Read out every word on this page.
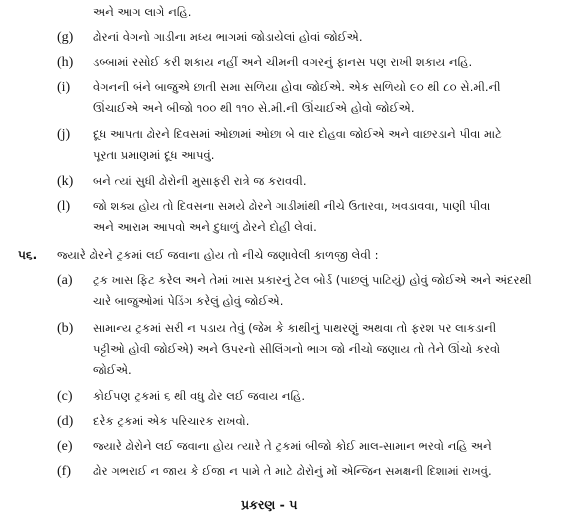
અને આગ લાગે નહિ.
(g) ઢોરનાં વેગનો ગાડીના મધ્ય ભાગમાં જોડાયેલાં હોવાં જોઈએ.
(h) ડબ્બામાં રસોઈ કરી શકાય નહીં અને ચીમની વગરનું ફાનસ પણ રાખી શકાય નહિ.
(i) વેગનની બંને બાજુએ છાતી સમા સળિયા હોવા જોઈએ. એક સળિયો ૯૦ થી ૮૦ સે.મી.ની
ઊંચાઈએ અને બીજો ૧૦૦ થી ૧૧૦ સે.મી.ની ઊંચાઈએ હોવો જોઈએ.
(j) દૂધ આપતા ઢોરને દિવસમાં ઓછામાં ઓછા બે વાર દોહવા જોઈએ અને વાછરડાને પીવા માટે
પૂરતા પ્રમાણમાં દૂધ આપવું.
(k) બને ત્યાં સુધી ઢોરોની મુસાફરી રાત્રે જ કરાવવી.
(l) જો શક્ય હોય તો દિવસના સમયે ઢોરને ગાડીમાંથી નીચે ઉતારવા, ખવડાવવા, પાણી પીવા
અને આરામ આપવો અને દુધાળું ઢોરને દોહી લેવાં.
૫૬. જ્યારે ઢોરને ટ્રકમાં લઈ જવાના હોય તો નીચે જણાવેલી કાળજી લેવી :
(a) ટ્રક ખાસ ફિટ કરેલ અને તેમાં ખાસ પ્રકારનું ટેલ બોર્ડ (પાછલું પાટિયું) હોવું જોઈએ અને અંદરથી
ચારે બાજુઓમાં પેડિંગ કરેલું હોવું જોઈએ.
(b) સામાન્ય ટ્રકમાં સરી ન પડાય તેવું (જેમ કે કાથીનું પાથરણું અથવા તો ફરશ પર લાકડાની
પટ્ટીઓ હોવી જોઈએ) અને ઉપરનો સીલિંગનો ભાગ જો નીચો જણાય તો તેને ઊંચો કરવો
જોઈએ.
(c) કોઈપણ ટ્રકમાં ૬ થી વધુ ઢોર લઈ જવાય નહિ.
(d) દરેક ટ્રકમાં એક પરિચારક રાખવો.
(e) જ્યારે ઢોરોને લઈ જવાના હોય ત્યારે તે ટ્રકમાં બીજો કોઈ માલ-સામાન ભરવો નહિ અને
(f) ઢોર ગભરાઈ ન જાય કે ઈજા ન પામે તે માટે ઢોરોનું મોં એન્જિન સમક્ષની દિશામાં રાખવું.
પ્રકરણ - ૫
